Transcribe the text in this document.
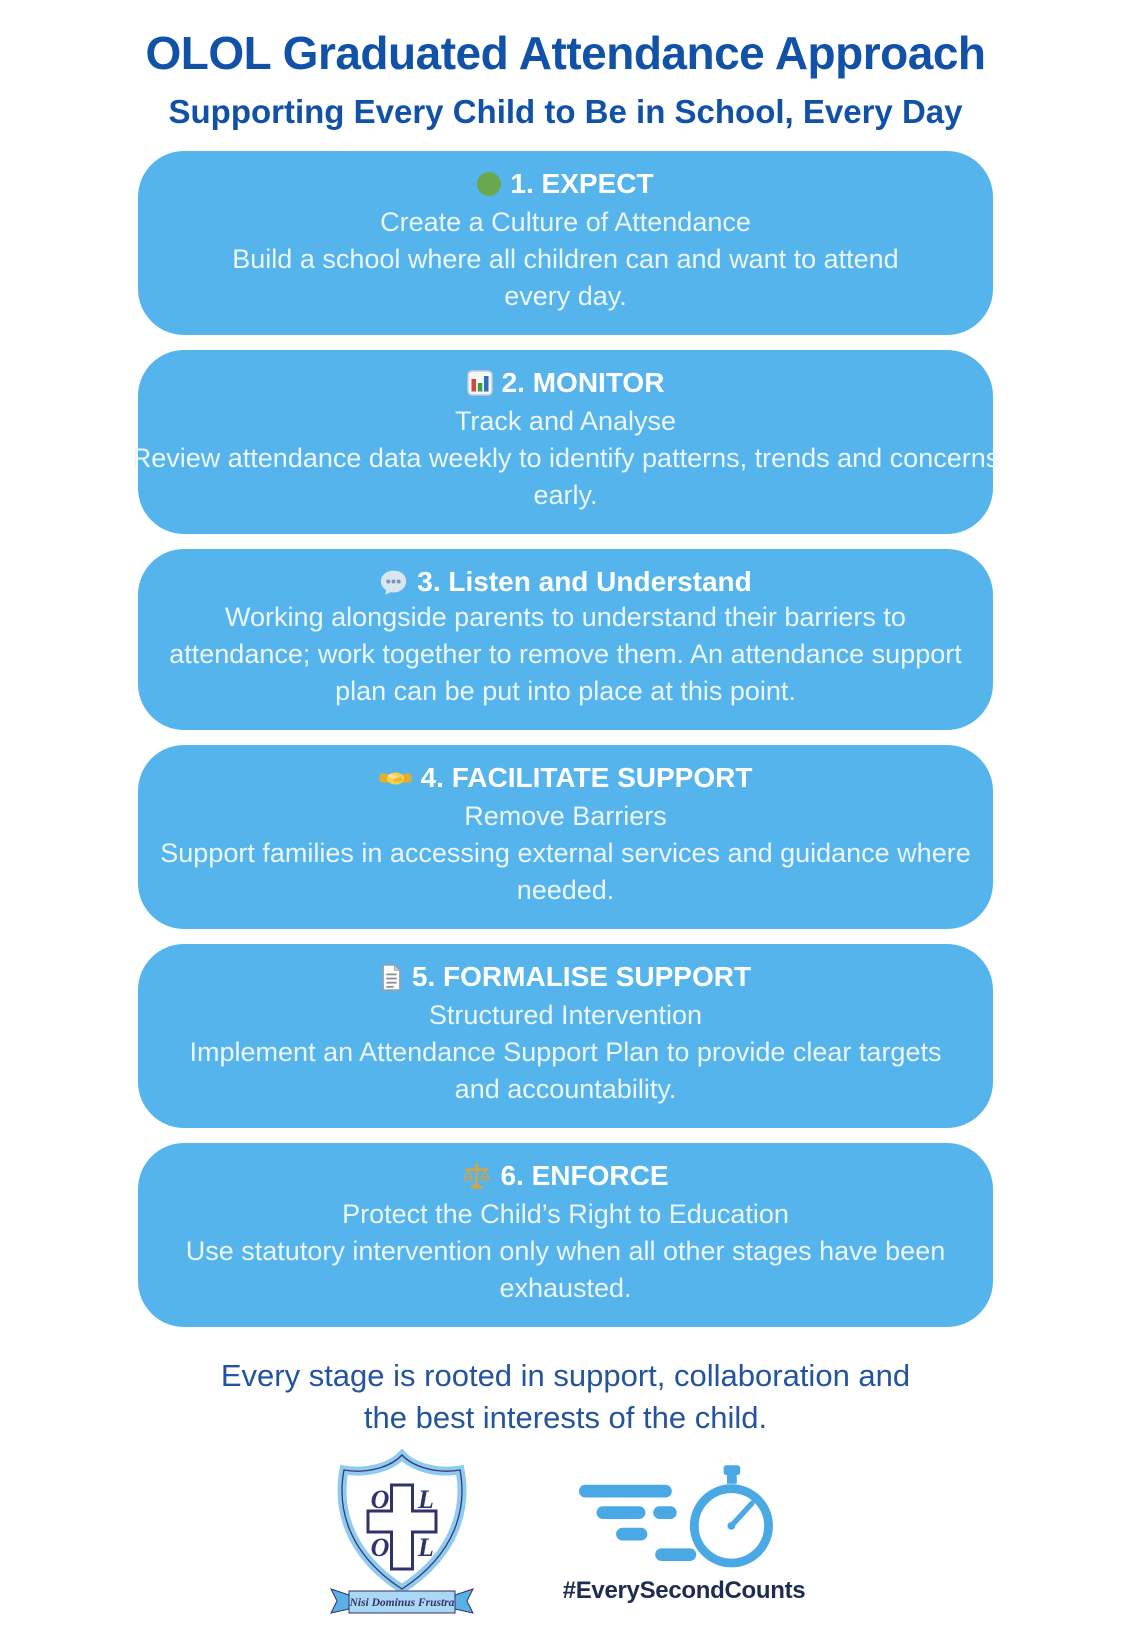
OLOL Graduated Attendance Approach
Supporting Every Child to Be in School, Every Day
1. EXPECT
Create a Culture of Attendance
Build a school where all children can and want to attend every day.
2. MONITOR
Track and Analyse
Review attendance data weekly to identify patterns, trends and concerns early.
3. Listen and Understand
Working alongside parents to understand their barriers to attendance; work together to remove them. An attendance support plan can be put into place at this point.
4. FACILITATE SUPPORT
Remove Barriers
Support families in accessing external services and guidance where needed.
5. FORMALISE SUPPORT
Structured Intervention
Implement an Attendance Support Plan to provide clear targets and accountability.
6. ENFORCE
Protect the Child’s Right to Education
Use statutory intervention only when all other stages have been exhausted.
Every stage is rooted in support, collaboration and
the best interests of the child.
O L
O L
Nisi Dominus Frustra	#EverySecondCounts
